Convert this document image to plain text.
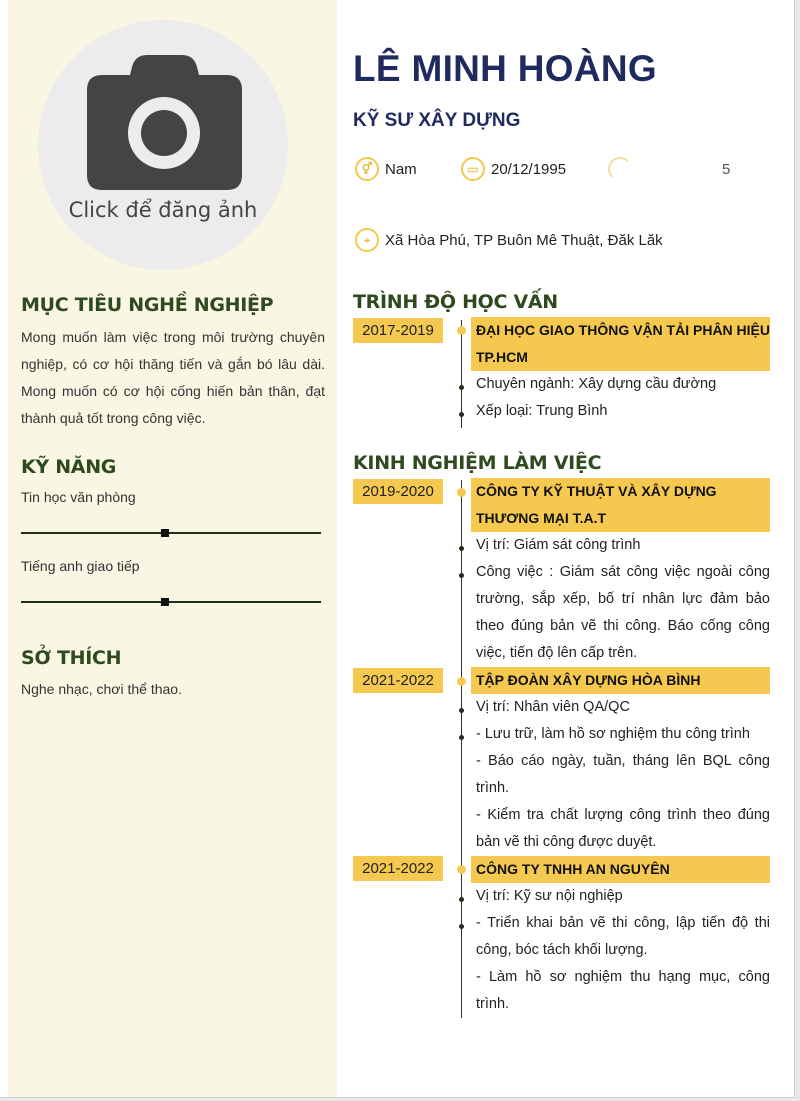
Click để đăng ảnh
MỤC TIÊU NGHỀ NGHIỆP
Mong muốn làm việc trong môi trường chuyên nghiệp, có cơ hội thăng tiến và gắn bó lâu dài. Mong muốn có cơ hội cống hiến bản thân, đạt thành quả tốt trong công việc.
KỸ NĂNG
Tin học văn phòng
Tiếng anh giao tiếp
SỞ THÍCH
Nghe nhạc, chơi thể thao.
LÊ MINH HOÀNG
KỸ SƯ XÂY DỰNG
⚥ Nam	▭ 20/12/1995	5
⌖ Xã Hòa Phú, TP Buôn Mê Thuật, Đăk Lăk
TRÌNH ĐỘ HỌC VẤN
2017-2019	ĐẠI HỌC GIAO THÔNG VẬN TẢI PHÂN HIỆU
TP.HCM
Chuyên ngành: Xây dựng cầu đường
Xếp loại: Trung Bình
KINH NGHIỆM LÀM VIỆC
2019-2020	CÔNG TY KỸ THUẬT VÀ XÂY DỰNG
THƯƠNG MẠI T.A.T
Vị trí: Giám sát công trình
Công việc : Giám sát công việc ngoài công trường, sắp xếp, bố trí nhân lực đảm bảo theo đúng bản vẽ thi công. Báo cống công việc, tiến độ lên cấp trên.
2021-2022	TẬP ĐOÀN XÂY DỰNG HÒA BÌNH
Vị trí: Nhân viên QA/QC
- Lưu trữ, làm hồ sơ nghiệm thu công trình
- Báo cáo ngày, tuần, tháng lên BQL công trình.
- Kiểm tra chất lượng công trình theo đúng bản vẽ thi công được duyệt.
2021-2022	CÔNG TY TNHH AN NGUYÊN
Vị trí: Kỹ sư nội nghiệp
- Triển khai bản vẽ thi công, lập tiến độ thi công, bóc tách khối lượng.
- Làm hồ sơ nghiệm thu hạng mục, công trình.
